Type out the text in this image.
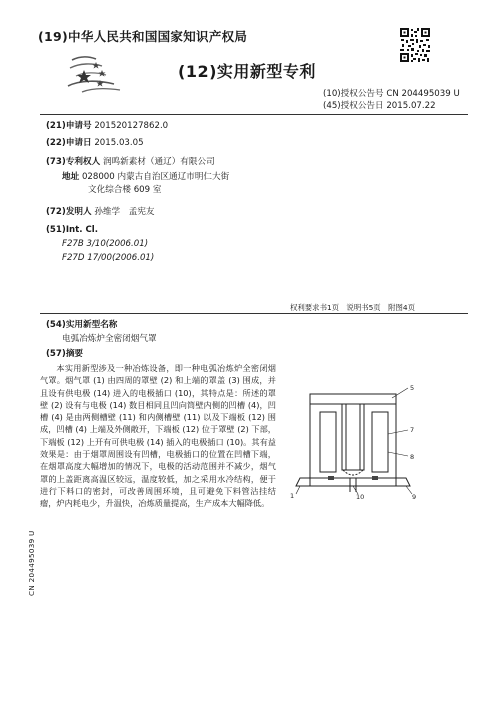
(19)中华人民共和国国家知识产权局
(12)实用新型专利
(10)授权公告号 CN 204495039 U
(45)授权公告日 2015.07.22
(21)申请号 201520127862.0
(22)申请日 2015.03.05
(73)专利权人 润鸣新素材（通辽）有限公司
地址 028000 内蒙古自治区通辽市明仁大街
文化综合楼 609 室
(72)发明人 孙维学　孟宪友
(51)Int. Cl.
F27B 3/10(2006.01)
F27D 17/00(2006.01)
权利要求书1页　说明书5页　附图4页
(54)实用新型名称
电弧冶炼炉全密闭烟气罩
(57)摘要

本实用新型涉及一种冶炼设备，即一种电弧冶炼炉全密闭烟气罩。烟气罩 (1) 由四周的罩壁 (2) 和上端的罩盖 (3) 围成，并且设有供电极 (14) 进入的电极插口 (10)，其特点是：所述的罩壁 (2) 设有与电极 (14) 数目相同且凹向筒壁内侧的凹槽 (4)，凹槽 (4) 是由两侧槽壁 (11) 和内侧槽壁 (11) 以及下端板 (12) 围成，凹槽 (4) 上端及外侧敞开，下端板 (12) 位于罩壁 (2) 下部，下端板 (12) 上开有可供电极 (14) 插入的电极插口 (10)。其有益效果是：由于烟罩周围设有凹槽，电极插口的位置在凹槽下端，在烟罩高度大幅增加的情况下，电极的活动范围并不减少，烟气罩的上盖距离高温区较远，温度较低，加之采用水冷结构，便于进行下料口的密封，可改善周围环境，且可避免下料管沾挂结瘤，炉内耗电少，升温快，冶炼质量提高，生产成本大幅降低。

5
7
8
1	10	9
CN 204495039 U
